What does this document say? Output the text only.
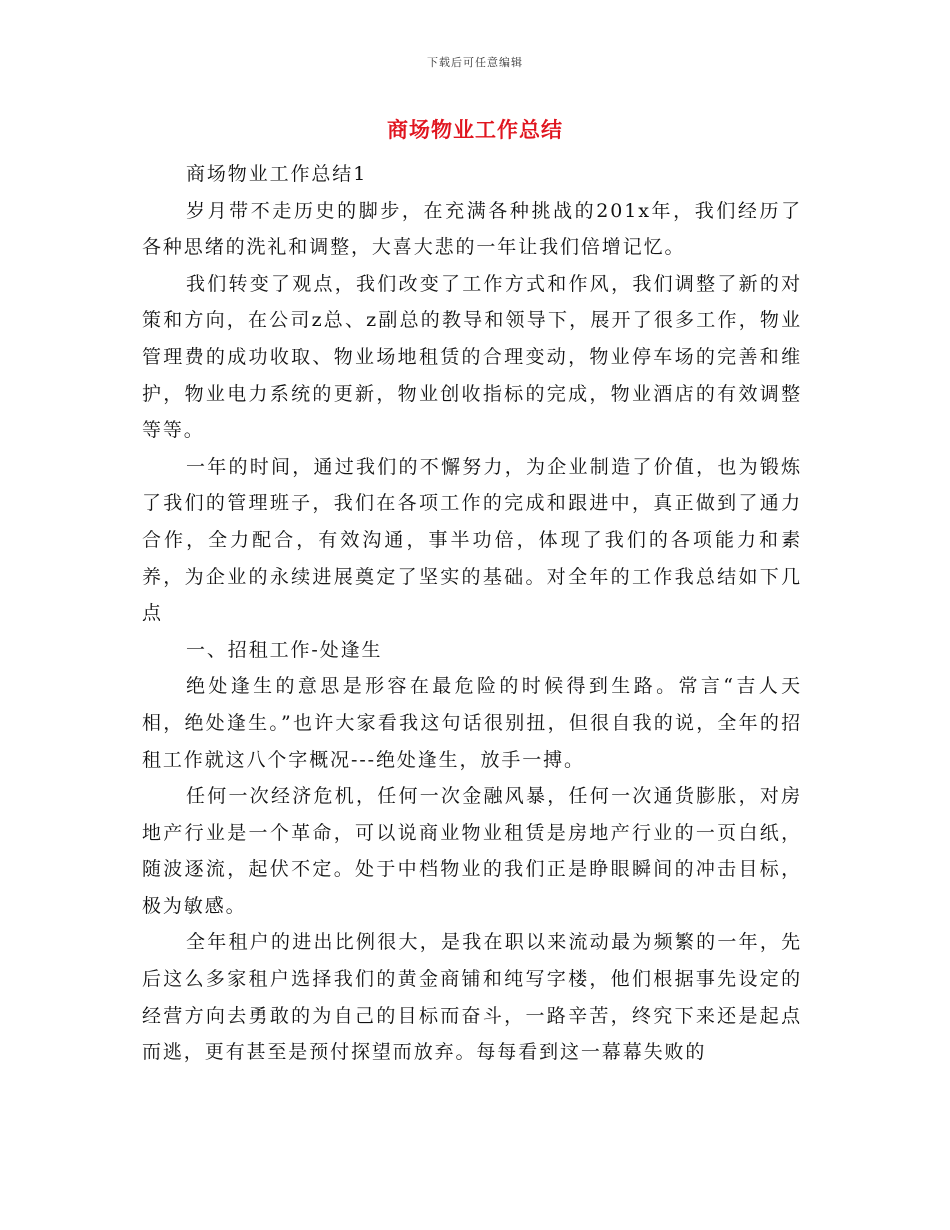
下载后可任意编辑
商场物业工作总结

商场物业工作总结1

岁月带不走历史的脚步，在充满各种挑战的201x年，我们经历了各种思绪的洗礼和调整，大喜大悲的一年让我们倍增记忆。

我们转变了观点，我们改变了工作方式和作风，我们调整了新的对策和方向，在公司z总、z副总的教导和领导下，展开了很多工作，物业管理费的成功收取、物业场地租赁的合理变动，物业停车场的完善和维护，物业电力系统的更新，物业创收指标的完成，物业酒店的有效调整等等。

一年的时间，通过我们的不懈努力，为企业制造了价值，也为锻炼了我们的管理班子，我们在各项工作的完成和跟进中，真正做到了通力合作，全力配合，有效沟通，事半功倍，体现了我们的各项能力和素养，为企业的永续进展奠定了坚实的基础。对全年的工作我总结如下几点

一、招租工作-处逢生

绝处逢生的意思是形容在最危险的时候得到生路。常言“吉人天相，绝处逢生。”也许大家看我这句话很别扭，但很自我的说，全年的招租工作就这八个字概况---绝处逢生，放手一搏。

任何一次经济危机，任何一次金融风暴，任何一次通货膨胀，对房地产行业是一个革命，可以说商业物业租赁是房地产行业的一页白纸，随波逐流，起伏不定。处于中档物业的我们正是睁眼瞬间的冲击目标，极为敏感。

全年租户的进出比例很大，是我在职以来流动最为频繁的一年，先后这么多家租户选择我们的黄金商铺和纯写字楼，他们根据事先设定的经营方向去勇敢的为自己的目标而奋斗，一路辛苦，终究下来还是起点而逃，更有甚至是预付探望而放弃。每每看到这一幕幕失败的
